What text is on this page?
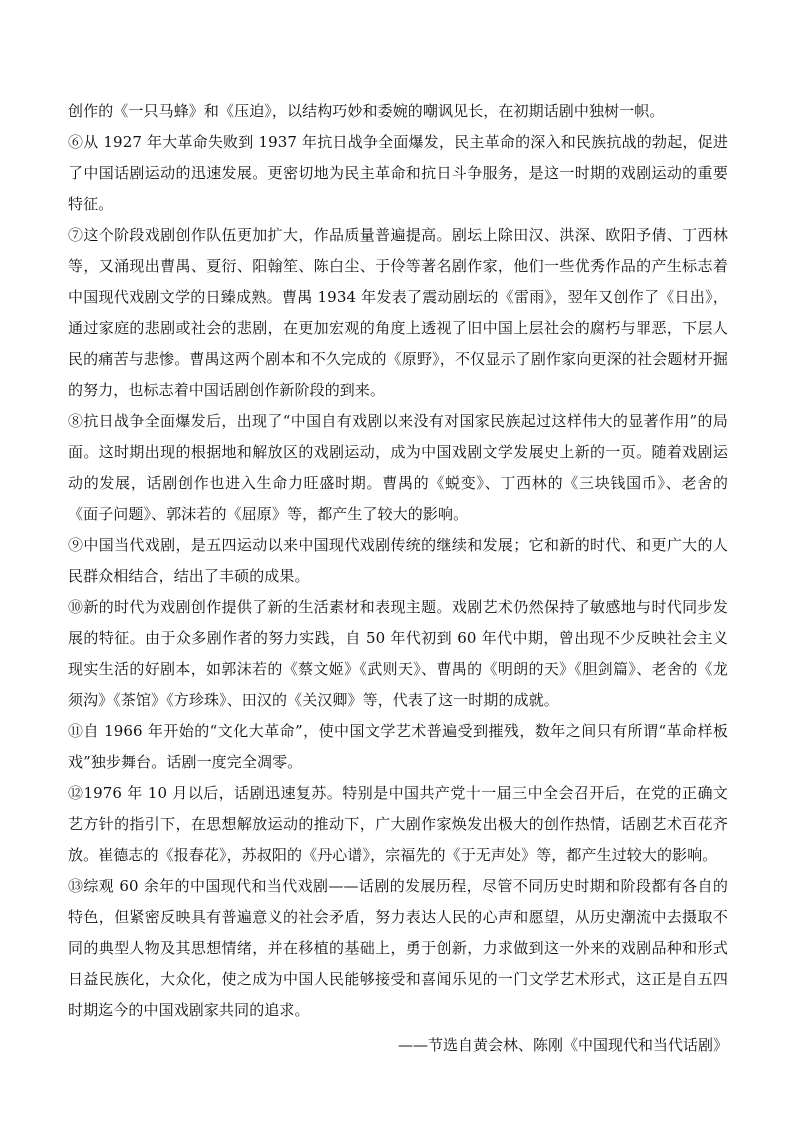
创作的《一只马蜂》和《压迫》，以结构巧妙和委婉的嘲讽见长，在初期话剧中独树一帜。

⑥从 1927 年大革命失败到 1937 年抗日战争全面爆发，民主革命的深入和民族抗战的勃起，促进了中国话剧运动的迅速发展。更密切地为民主革命和抗日斗争服务，是这一时期的戏剧运动的重要特征。

⑦这个阶段戏剧创作队伍更加扩大，作品质量普遍提高。剧坛上除田汉、洪深、欧阳予倩、丁西林等，又涌现出曹禺、夏衍、阳翰笙、陈白尘、于伶等著名剧作家，他们一些优秀作品的产生标志着中国现代戏剧文学的日臻成熟。曹禺 1934 年发表了震动剧坛的《雷雨》，翌年又创作了《日出》，通过家庭的悲剧或社会的悲剧，在更加宏观的角度上透视了旧中国上层社会的腐朽与罪恶，下层人民的痛苦与悲惨。曹禺这两个剧本和不久完成的《原野》，不仅显示了剧作家向更深的社会题材开掘的努力，也标志着中国话剧创作新阶段的到来。

⑧抗日战争全面爆发后，出现了“中国自有戏剧以来没有对国家民族起过这样伟大的显著作用”的局面。这时期出现的根据地和解放区的戏剧运动，成为中国戏剧文学发展史上新的一页。随着戏剧运动的发展，话剧创作也进入生命力旺盛时期。曹禺的《蜕变》、丁西林的《三块钱国币》、老舍的《面子问题》、郭沫若的《屈原》等，都产生了较大的影响。

⑨中国当代戏剧，是五四运动以来中国现代戏剧传统的继续和发展；它和新的时代、和更广大的人民群众相结合，结出了丰硕的成果。

⑩新的时代为戏剧创作提供了新的生活素材和表现主题。戏剧艺术仍然保持了敏感地与时代同步发展的特征。由于众多剧作者的努力实践，自 50 年代初到 60 年代中期，曾出现不少反映社会主义现实生活的好剧本，如郭沫若的《蔡文姬》《武则天》、曹禺的《明朗的天》《胆剑篇》、老舍的《龙须沟》《茶馆》《方珍珠》、田汉的《关汉卿》等，代表了这一时期的成就。

⑪自 1966 年开始的“文化大革命”，使中国文学艺术普遍受到摧残，数年之间只有所谓“革命样板戏”独步舞台。话剧一度完全凋零。

⑫1976 年 10 月以后，话剧迅速复苏。特别是中国共产党十一届三中全会召开后，在党的正确文艺方针的指引下，在思想解放运动的推动下，广大剧作家焕发出极大的创作热情，话剧艺术百花齐放。崔德志的《报春花》，苏叔阳的《丹心谱》，宗福先的《于无声处》等，都产生过较大的影响。

⑬综观 60 余年的中国现代和当代戏剧——话剧的发展历程，尽管不同历史时期和阶段都有各自的特色，但紧密反映具有普遍意义的社会矛盾，努力表达人民的心声和愿望，从历史潮流中去摄取不同的典型人物及其思想情绪，并在移植的基础上，勇于创新，力求做到这一外来的戏剧品种和形式日益民族化，大众化，使之成为中国人民能够接受和喜闻乐见的一门文学艺术形式，这正是自五四时期迄今的中国戏剧家共同的追求。

——节选自黄会林、陈刚《中国现代和当代话剧》
